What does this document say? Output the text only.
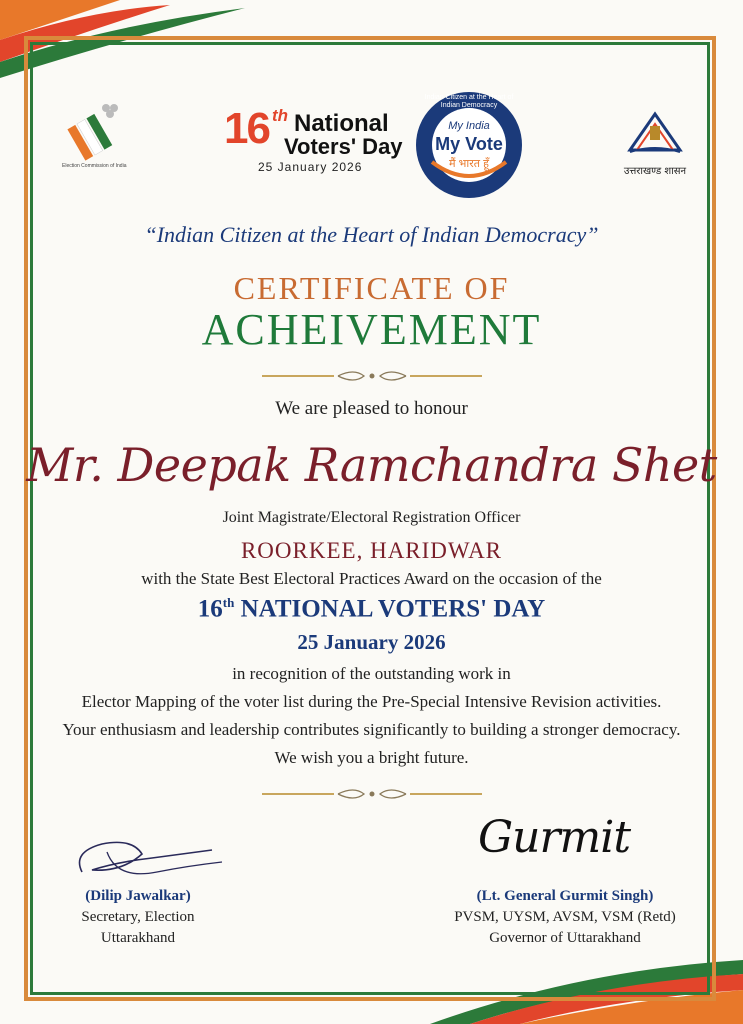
Election Commission of India
16 th National
Voters' Day
25 January 2026
Indian Citizen at the Heart of Indian Democracy
My India
My Vote
मैं भारत हूँ
उत्तराखण्ड शासन
“Indian Citizen at the Heart of Indian Democracy”
CERTIFICATE OF
ACHEIVEMENT
We are pleased to honour
Mr. Deepak Ramchandra Shet
Joint Magistrate/Electoral Registration Officer
ROORKEE, HARIDWAR
with the State Best Electoral Practices Award on the occasion of the
16th NATIONAL VOTERS' DAY
25 January 2026
in recognition of the outstanding work in
Elector Mapping of the voter list during the Pre-Special Intensive Revision activities.
Your enthusiasm and leadership contributes significantly to building a stronger democracy.
We wish you a bright future.
(Dilip Jawalkar)
Secretary, Election
Uttarakhand
Gurmit
(Lt. General Gurmit Singh)
PVSM, UYSM, AVSM, VSM (Retd)
Governor of Uttarakhand
